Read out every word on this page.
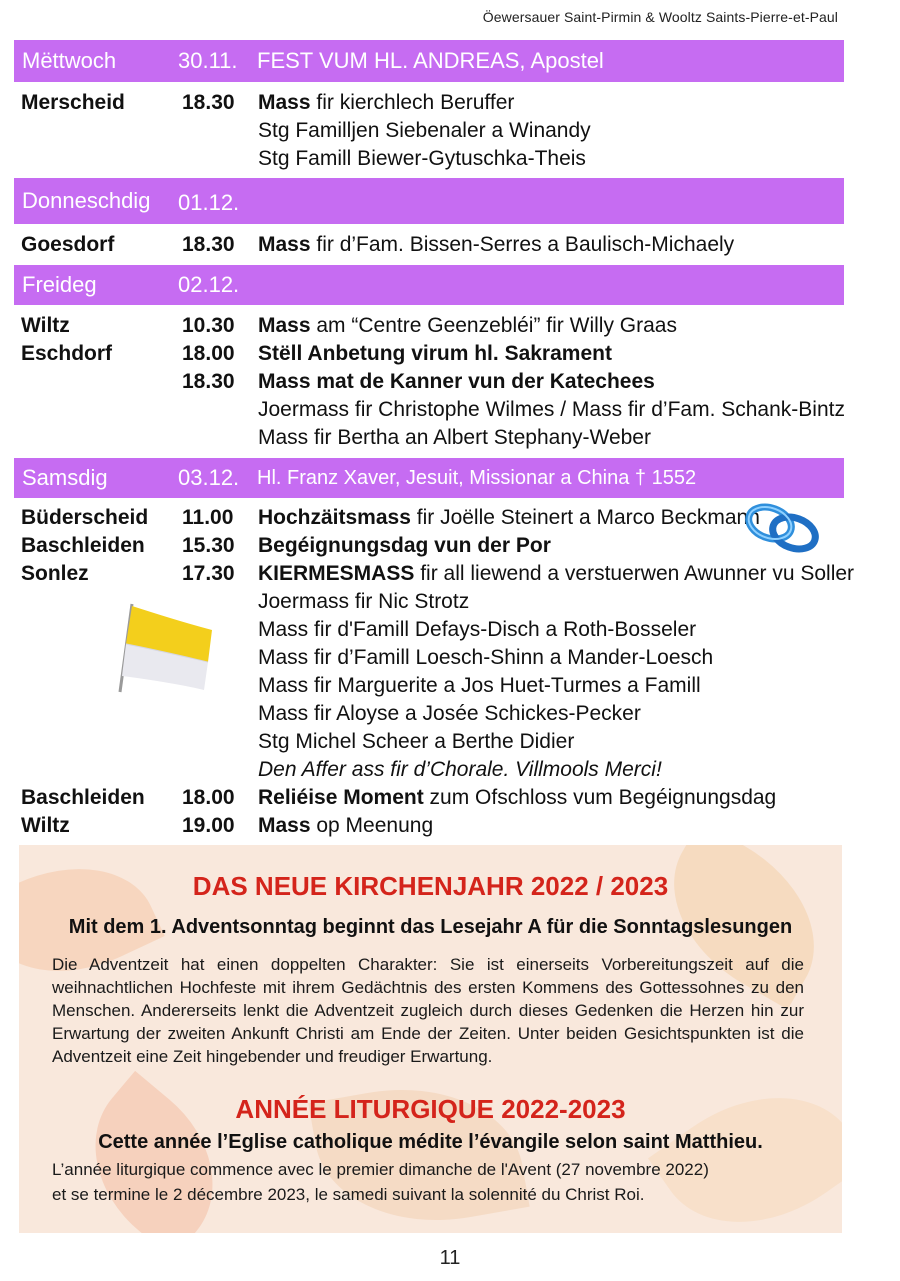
Öewersauer Saint-Pirmin & Wooltz Saints-Pierre-et-Paul
Mëttwoch	30.11. FEST VUM HL. ANDREAS, Apostel
Merscheid	18.30 Mass fir kierchlech Beruffer
Stg Familljen Siebenaler a Winandy
Stg Famill Biewer-Gytuschka-Theis
Donneschdig 01.12.
Goesdorf	18.30 Mass fir d’Fam. Bissen-Serres a Baulisch-Michaely
Freideg	02.12.
Wiltz	10.30 Mass am “Centre Geenzebléi” fir Willy Graas
Eschdorf	18.00 Stëll Anbetung virum hl. Sakrament
18.30 Mass mat de Kanner vun der Katechees
Joermass fir Christophe Wilmes / Mass fir d’Fam. Schank-Bintz
Mass fir Bertha an Albert Stephany-Weber
Samsdig	03.12. Hl. Franz Xaver, Jesuit, Missionar a China † 1552
Büderscheid 11.00 Hochzäitsmass fir Joëlle Steinert a Marco Beckmann
Baschleiden 15.30 Begéignungsdag vun der Por
Sonlez	17.30 KIERMESMASS fir all liewend a verstuerwen Awunner vu Soller
Joermass fir Nic Strotz
Mass fir d'Famill Defays-Disch a Roth-Bosseler
Mass fir d’Famill Loesch-Shinn a Mander-Loesch
Mass fir Marguerite a Jos Huet-Turmes a Famill
Mass fir Aloyse a Josée Schickes-Pecker
Stg Michel Scheer a Berthe Didier
Den Affer ass fir d’Chorale. Villmools Merci!
Baschleiden 18.00 Reliéise Moment zum Ofschloss vum Begéignungsdag
Wiltz	19.00 Mass op Meenung
DAS NEUE KIRCHENJAHR 2022 / 2023
Mit dem 1. Adventsonntag beginnt das Lesejahr A für die Sonntagslesungen
Die Adventzeit hat einen doppelten Charakter: Sie ist einerseits Vorbereitungszeit auf die weihnachtlichen Hochfeste mit ihrem Gedächtnis des ersten Kommens des Gottessohnes zu den Menschen. Andererseits lenkt die Adventzeit zugleich durch dieses Gedenken die Herzen hin zur Erwartung der zweiten Ankunft Christi am Ende der Zeiten. Unter beiden Gesichtspunkten ist die Adventzeit eine Zeit hingebender und freudiger Erwartung.
ANNÉE LITURGIQUE 2022-2023
Cette année l’Eglise catholique médite l’évangile selon saint Matthieu.
L’année liturgique commence avec le premier dimanche de l'Avent (27 novembre 2022)
et se termine le 2 décembre 2023, le samedi suivant la solennité du Christ Roi.
11
